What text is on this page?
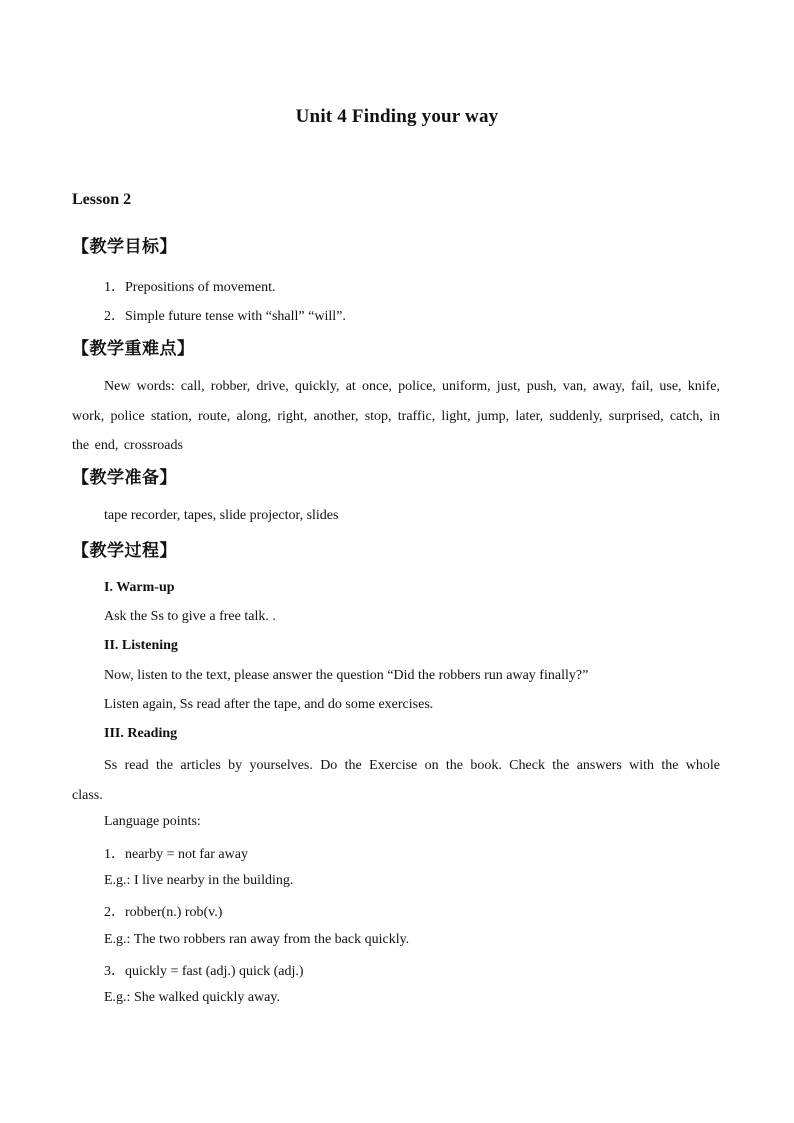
Unit 4 Finding your way
Lesson 2
【教学目标】
1．Prepositions of movement.
2．Simple future tense with “shall” “will”.
【教学重难点】
New words: call, robber, drive, quickly, at once, police, uniform, just, push, van, away, fail, use, knife, work, police station, route, along, right, another, stop, traffic, light, jump, later, suddenly, surprised, catch, in the end, crossroads
【教学准备】
tape recorder, tapes, slide projector, slides
【教学过程】
I. Warm-up
Ask the Ss to give a free talk. .
II. Listening
Now, listen to the text, please answer the question “Did the robbers run away finally?”
Listen again, Ss read after the tape, and do some exercises.
III. Reading
Ss read the articles by yourselves. Do the Exercise on the book. Check the answers with the whole class.
Language points:
1．nearby = not far away
E.g.: I live nearby in the building.
2．robber(n.) rob(v.)
E.g.: The two robbers ran away from the back quickly.
3．quickly = fast (adj.) quick (adj.)
E.g.: She walked quickly away.
